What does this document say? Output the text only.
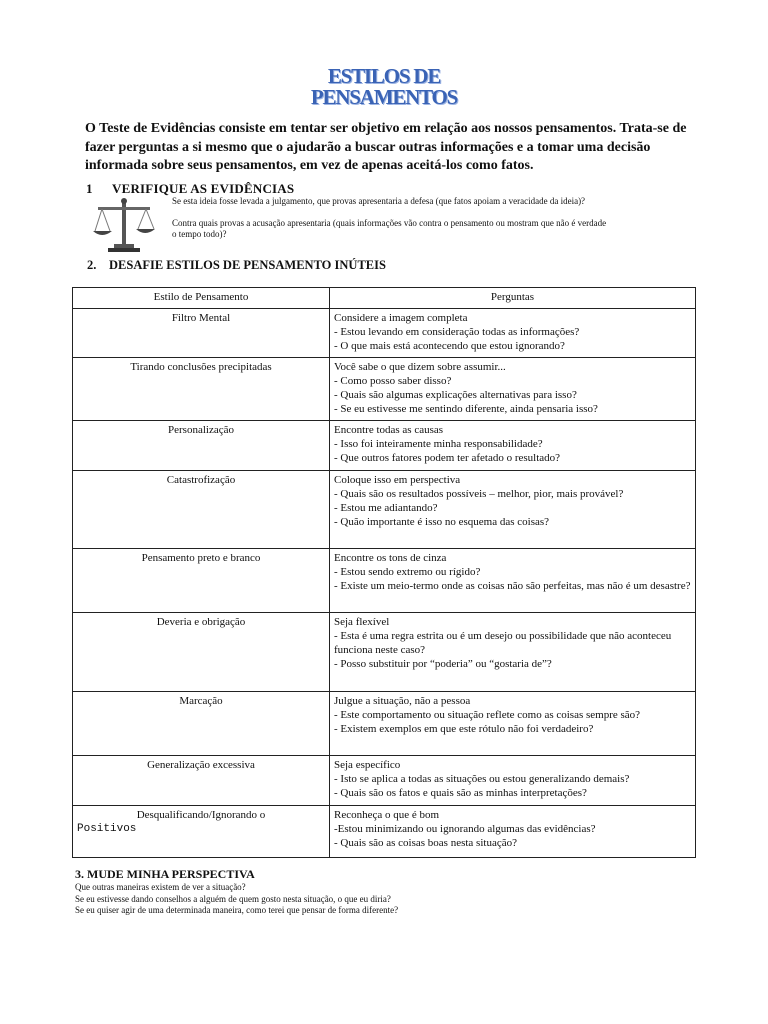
ESTILOS DE
PENSAMENTOS
O Teste de Evidências consiste em tentar ser objetivo em relação aos nossos pensamentos. Trata-se de fazer perguntas a si mesmo que o ajudarão a buscar outras informações e a tomar uma decisão informada sobre seus pensamentos, em vez de apenas aceitá-los como fatos.
1 VERIFIQUE AS EVIDÊNCIAS

Se esta ideia fosse levada a julgamento, que provas apresentaria a defesa (que fatos apoiam a veracidade da ideia)?

Contra quais provas a acusação apresentaria (quais informações vão contra o pensamento ou mostram que não é verdade o tempo todo)?

2. DESAFIE ESTILOS DE PENSAMENTO INÚTEIS
Estilo de Pensamento	Perguntas

Filtro Mental	Considere a imagem completa
- Estou levando em consideração todas as informações?
- O que mais está acontecendo que estou ignorando?

Tirando conclusões precipitadas	Você sabe o que dizem sobre assumir...
- Como posso saber disso?
- Quais são algumas explicações alternativas para isso?
- Se eu estivesse me sentindo diferente, ainda pensaria isso?

Personalização	Encontre todas as causas
- Isso foi inteiramente minha responsabilidade?
- Que outros fatores podem ter afetado o resultado?

Catastrofização	Coloque isso em perspectiva
- Quais são os resultados possíveis – melhor, pior, mais provável?
- Estou me adiantando?
- Quão importante é isso no esquema das coisas?

Pensamento preto e branco	Encontre os tons de cinza
- Estou sendo extremo ou rígido?
- Existe um meio-termo onde as coisas não são perfeitas, mas não é um desastre?

Deveria e obrigação	Seja flexível
- Esta é uma regra estrita ou é um desejo ou possibilidade que não aconteceu
funciona neste caso?
- Posso substituir por “poderia” ou “gostaria de”?

Marcação	Julgue a situação, não a pessoa
- Este comportamento ou situação reflete como as coisas sempre são?
- Existem exemplos em que este rótulo não foi verdadeiro?

Generalização excessiva	Seja específico
- Isto se aplica a todas as situações ou estou generalizando demais?
- Quais são os fatos e quais são as minhas interpretações?

Desqualificando/Ignorando o
Positivos	Reconheça o que é bom
-Estou minimizando ou ignorando algumas das evidências?
- Quais são as coisas boas nesta situação?
3. MUDE MINHA PERSPECTIVA
Que outras maneiras existem de ver a situação?
Se eu estivesse dando conselhos a alguém de quem gosto nesta situação, o que eu diria?
Se eu quiser agir de uma determinada maneira, como terei que pensar de forma diferente?
